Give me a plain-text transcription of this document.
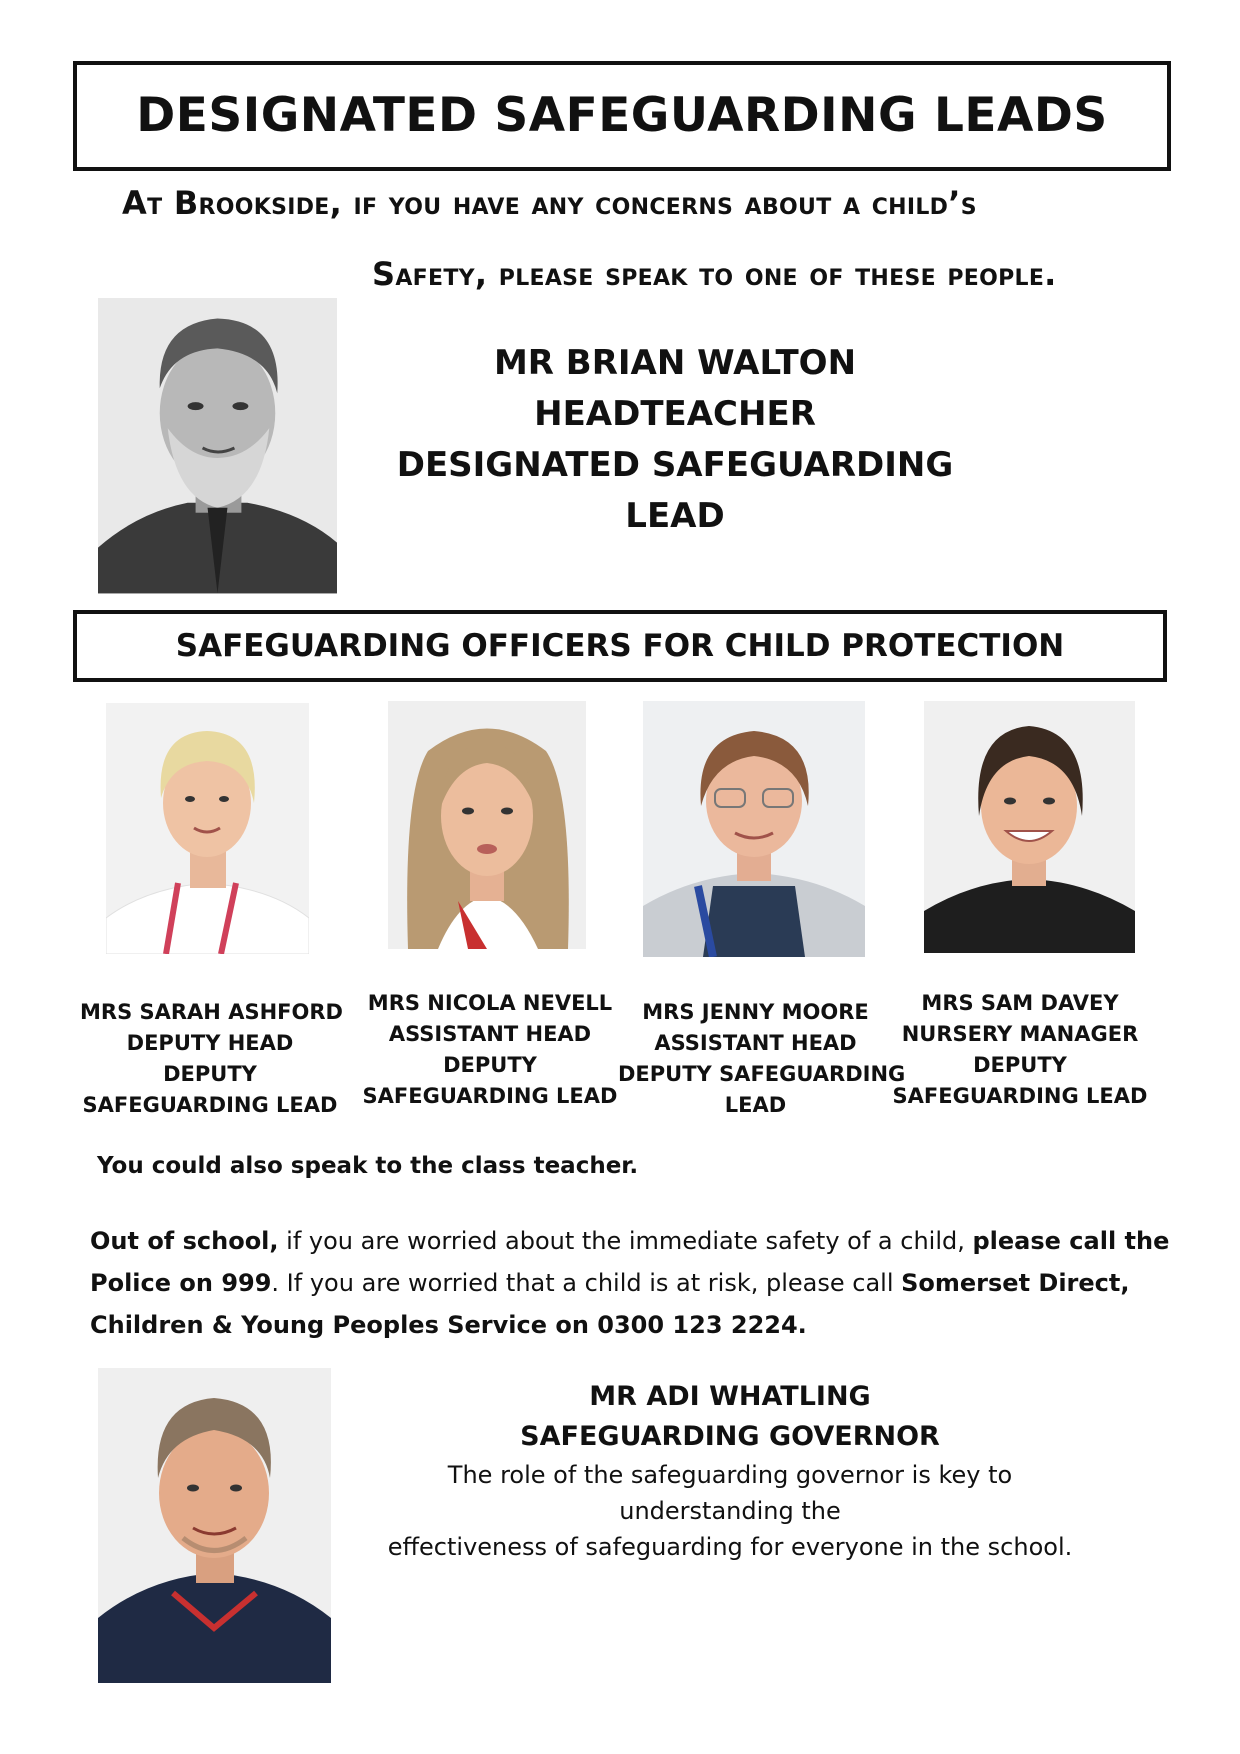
DESIGNATED SAFEGUARDING LEADS
At Brookside, if you have any concerns about a child’s
Safety, please speak to one of these people.
MR BRIAN WALTON
HEADTEACHER
DESIGNATED SAFEGUARDING
LEAD
SAFEGUARDING OFFICERS FOR CHILD PROTECTION
MRS SARAH ASHFORD
DEPUTY HEAD
DEPUTY
SAFEGUARDING LEAD
MRS NICOLA NEVELL
ASSISTANT HEAD
DEPUTY
SAFEGUARDING LEAD
MRS JENNY MOORE
ASSISTANT HEAD
DEPUTY SAFEGUARDING
LEAD
MRS SAM DAVEY
NURSERY MANAGER
DEPUTY
SAFEGUARDING LEAD
You could also speak to the class teacher.
Out of school, if you are worried about the immediate safety of a child, please call the
Police on 999. If you are worried that a child is at risk, please call Somerset Direct,
Children & Young Peoples Service on 0300 123 2224.
MR ADI WHATLING
SAFEGUARDING GOVERNOR
The role of the safeguarding governor is key to
understanding the
effectiveness of safeguarding for everyone in the school.
